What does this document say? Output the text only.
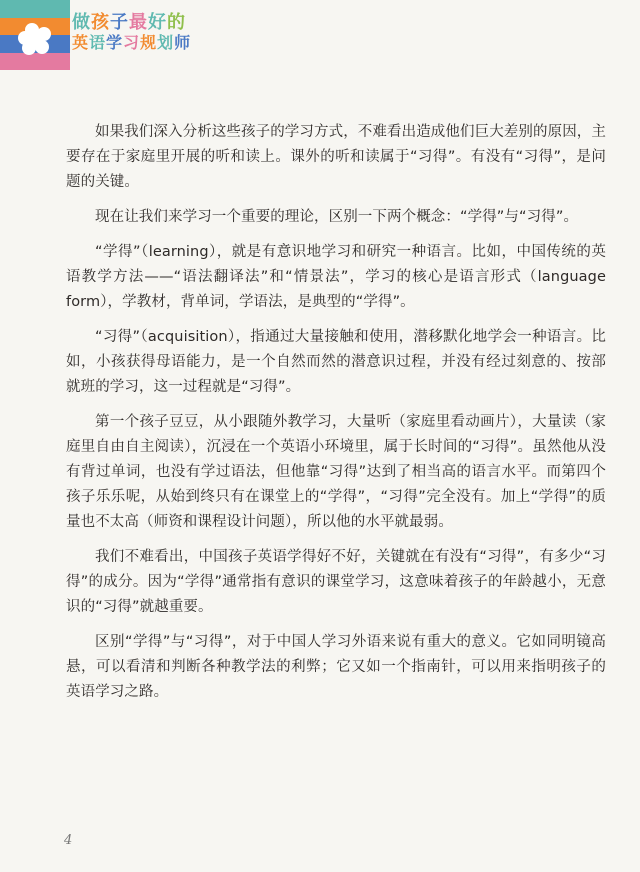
做孩子最好的
英语学习规划师

如果我们深入分析这些孩子的学习方式，不难看出造成他们巨大差别的原因，主要存在于家庭里开展的听和读上。课外的听和读属于“习得”。有没有“习得”，是问题的关键。

现在让我们来学习一个重要的理论，区别一下两个概念：“学得”与“习得”。

“学得”（learning），就是有意识地学习和研究一种语言。比如，中国传统的英语教学方法——“语法翻译法”和“情景法”，学习的核心是语言形式（language form），学教材，背单词，学语法，是典型的“学得”。

“习得”（acquisition），指通过大量接触和使用，潜移默化地学会一种语言。比如，小孩获得母语能力，是一个自然而然的潜意识过程，并没有经过刻意的、按部就班的学习，这一过程就是“习得”。

第一个孩子豆豆，从小跟随外教学习，大量听（家庭里看动画片），大量读（家庭里自由自主阅读），沉浸在一个英语小环境里，属于长时间的“习得”。虽然他从没有背过单词，也没有学过语法，但他靠“习得”达到了相当高的语言水平。而第四个孩子乐乐呢，从始到终只有在课堂上的“学得”，“习得”完全没有。加上“学得”的质量也不太高（师资和课程设计问题），所以他的水平就最弱。

我们不难看出，中国孩子英语学得好不好，关键就在有没有“习得”，有多少“习得”的成分。因为“学得”通常指有意识的课堂学习，这意味着孩子的年龄越小，无意识的“习得”就越重要。

区别“学得”与“习得”，对于中国人学习外语来说有重大的意义。它如同明镜高悬，可以看清和判断各种教学法的利弊；它又如一个指南针，可以用来指明孩子的英语学习之路。

4
